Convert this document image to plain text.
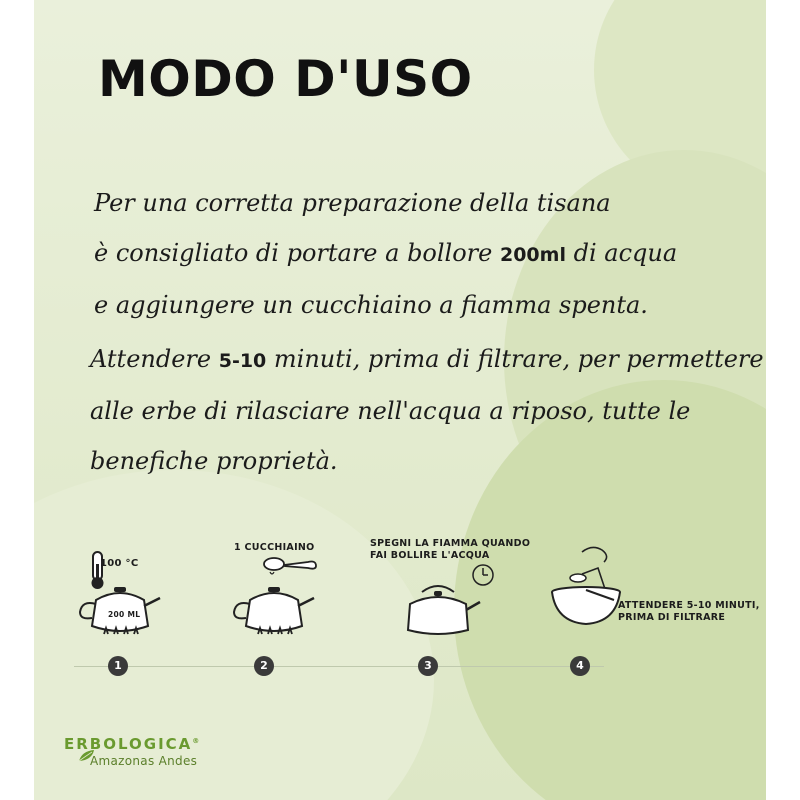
MODO D'USO

Per una corretta preparazione della tisana
è consigliato di portare a bollore 200ml di acqua
e aggiungere un cucchiaino a fiamma spenta.

Attendere 5-10 minuti, prima di filtrare, per permettere
alle erbe di rilasciare nell'acqua a riposo, tutte le
benefiche proprietà.

100 °C

200 ML
1

1 CUCCHIAINO

2

SPEGNI LA FIAMMA QUANDO
FAI BOLLIRE L'ACQUA

3

ATTENDERE 5-10 MINUTI,
PRIMA DI FILTRARE

4
ERBOLOGICA®
Amazonas Andes
